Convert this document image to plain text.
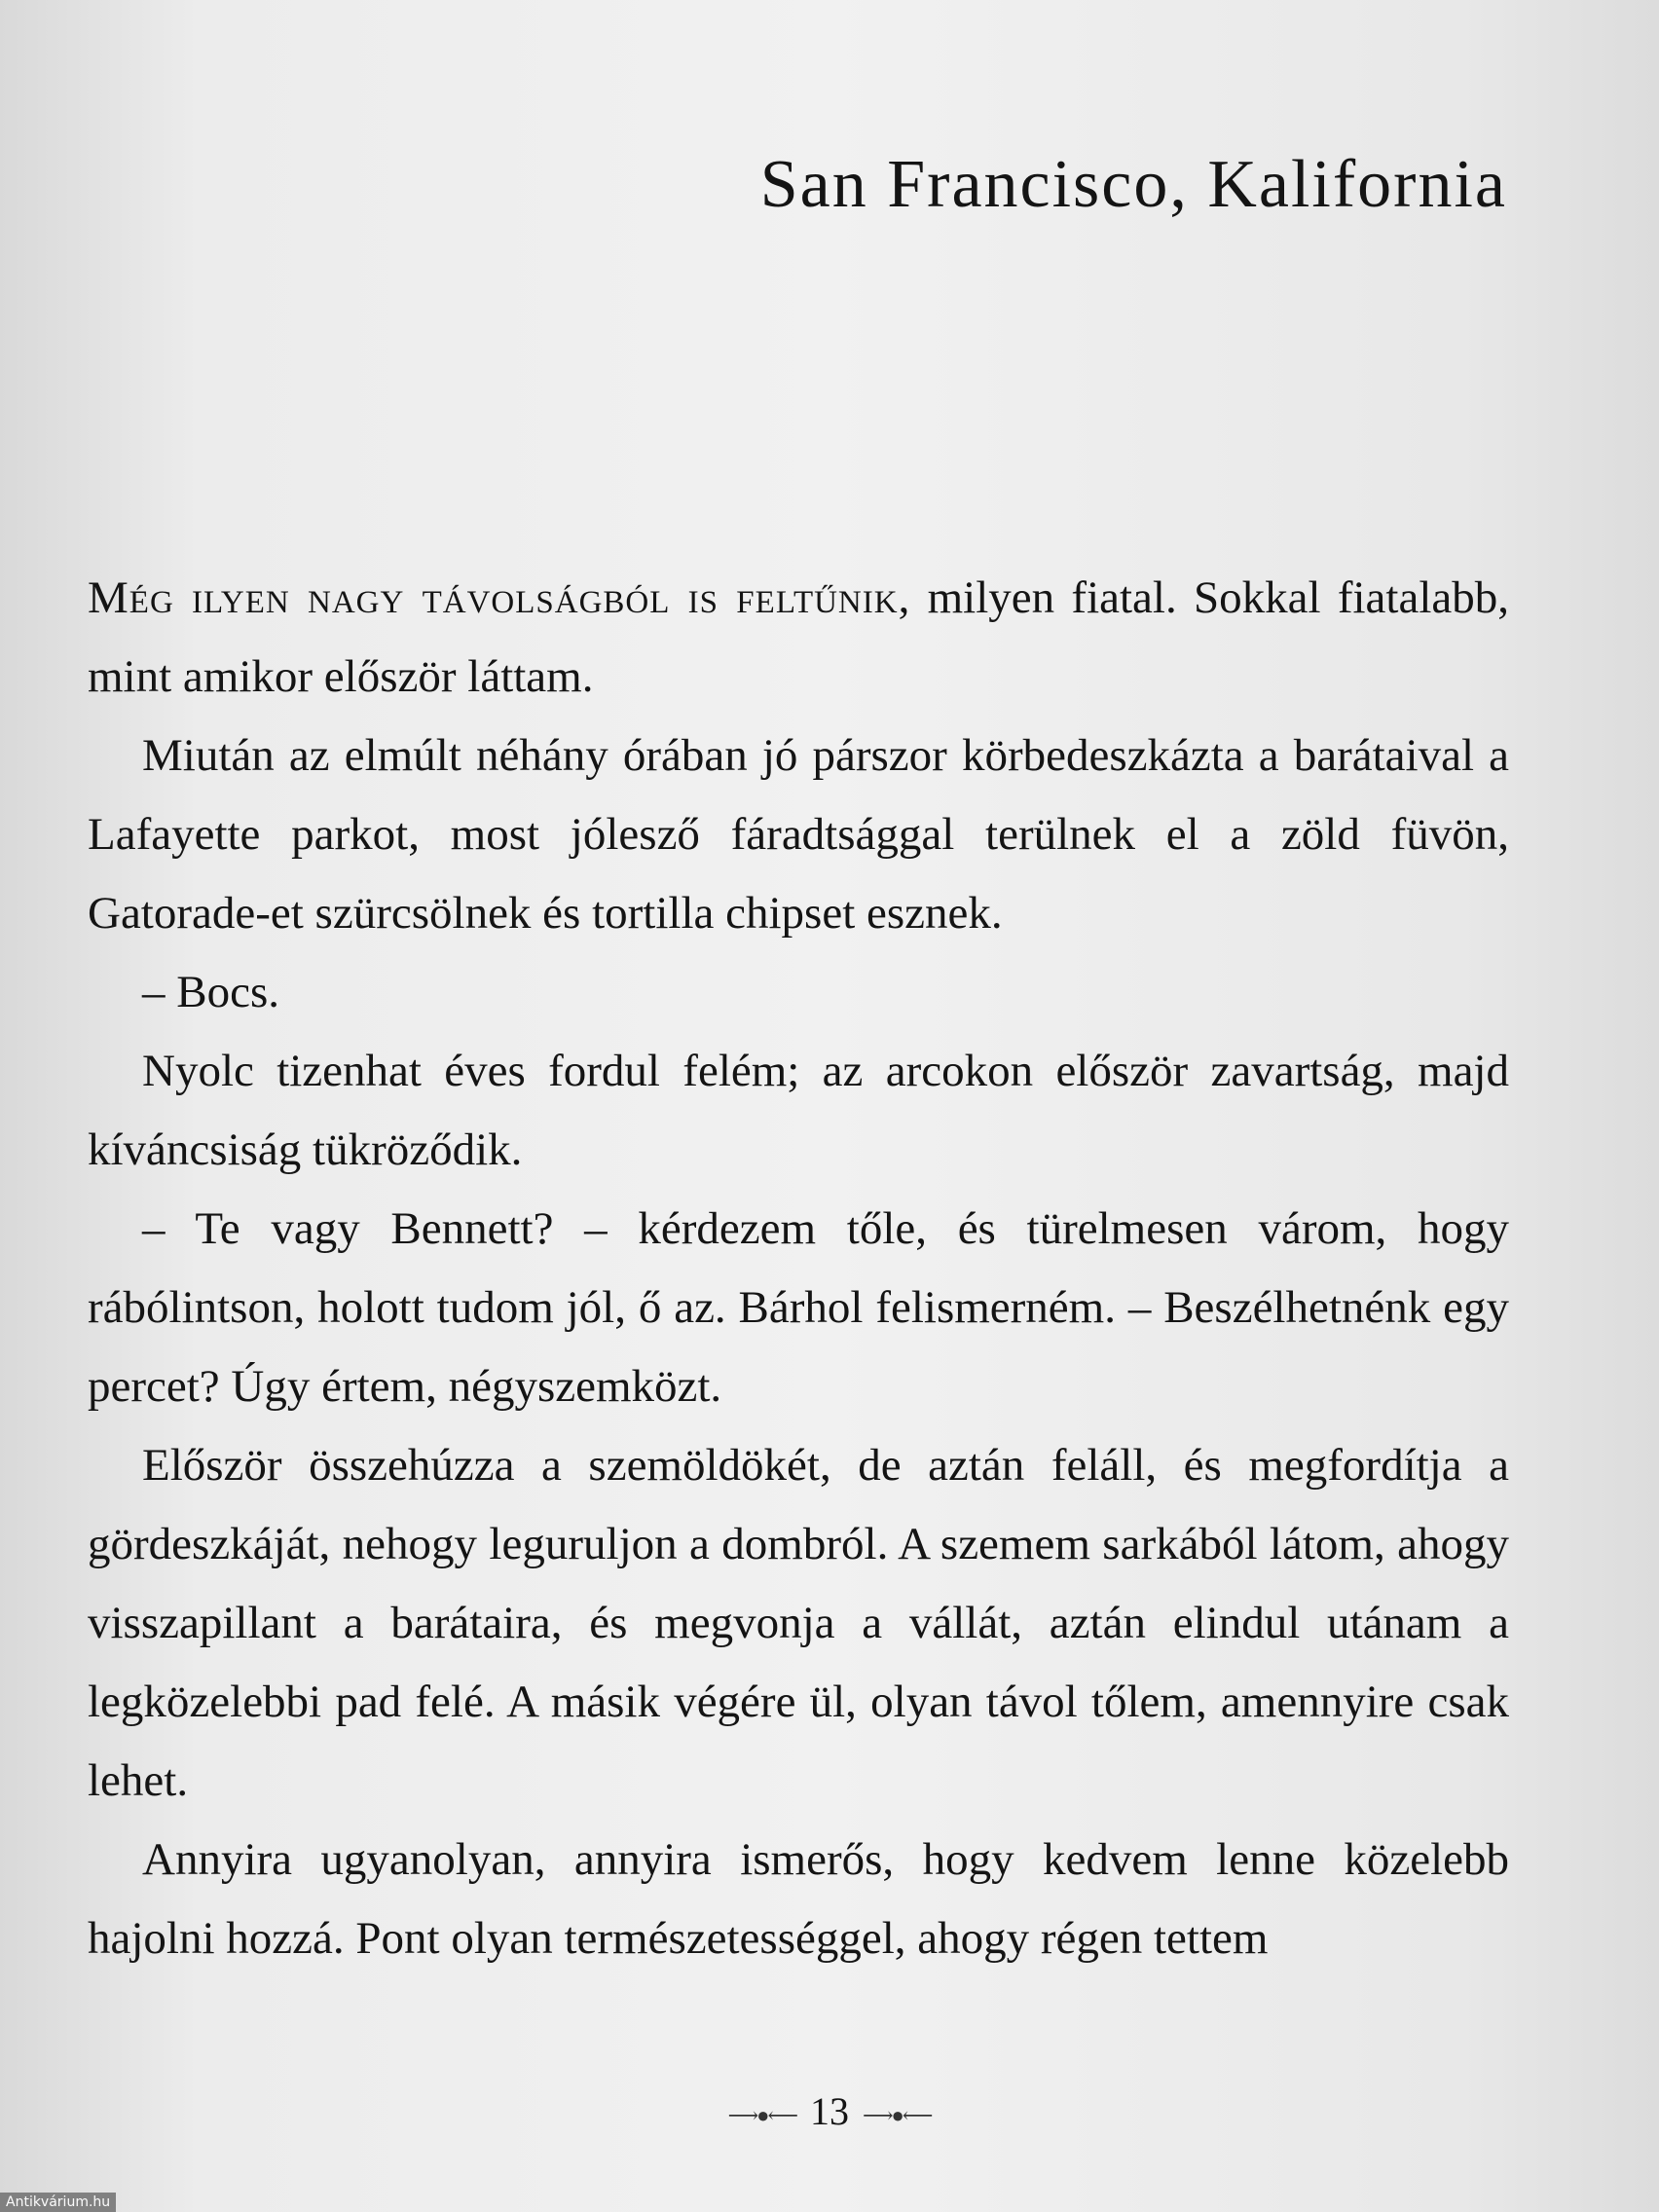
San Francisco, Kalifornia

Még ilyen nagy távolságból is feltűnik, milyen fiatal. Sokkal fiatalabb, mint amikor először láttam.

Miután az elmúlt néhány órában jó párszor körbedeszkázta a barátaival a Lafayette parkot, most jólesző fáradtsággal terülnek el a zöld füvön, Gatorade-et szürcsölnek és tortilla chipset esznek.

– Bocs.

Nyolc tizenhat éves fordul felém; az arcokon először zavartság, majd kíváncsiság tükröződik.

– Te vagy Bennett? – kérdezem tőle, és türelmesen várom, hogy rábólintson, holott tudom jól, ő az. Bárhol felismerném. – Beszélhetnénk egy percet? Úgy értem, négyszemközt.

Először összehúzza a szemöldökét, de aztán feláll, és megfordítja a gördeszkáját, nehogy leguruljon a dombról. A szemem sarkából látom, ahogy visszapillant a barátaira, és megvonja a vállát, aztán elindul utánam a legközelebbi pad felé. A másik végére ül, olyan távol tőlem, amennyire csak lehet.

Annyira ugyanolyan, annyira ismerős, hogy kedvem lenne közelebb hajolni hozzá. Pont olyan természetességgel, ahogy régen tettem

⟶●⟵ 13 ⟶●⟵
Antikvárium.hu
